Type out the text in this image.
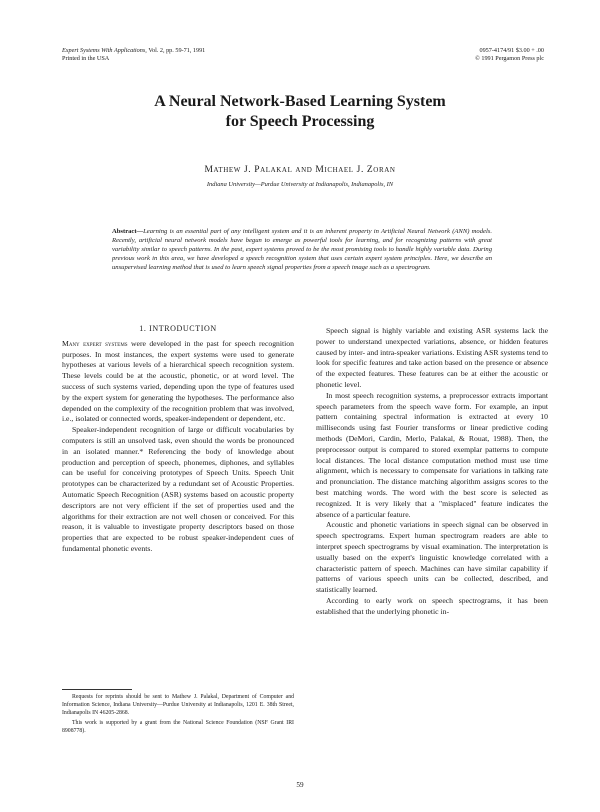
Expert Systems With Applications, Vol. 2, pp. 59-71, 1991
Printed in the USA
0957-4174/91 $3.00 + .00
© 1991 Pergamon Press plc
A Neural Network-Based Learning System
for Speech Processing
Mathew J. Palakal and Michael J. Zoran
Indiana University—Purdue University at Indianapolis, Indianapolis, IN
Abstract—Learning is an essential part of any intelligent system and it is an inherent property in Artificial Neural Network (ANN) models. Recently, artificial neural network models have begun to emerge as powerful tools for learning, and for recognizing patterns with great variability similar to speech patterns. In the past, expert systems proved to be the most promising tools to handle highly variable data. During previous work in this area, we have developed a speech recognition system that uses certain expert system principles. Here, we describe an unsupervised learning method that is used to learn speech signal properties from a speech image such as a spectrogram.
1. INTRODUCTION

Many expert systems were developed in the past for speech recognition purposes. In most instances, the expert systems were used to generate hypotheses at various levels of a hierarchical speech recognition system. These levels could be at the acoustic, phonetic, or at word level. The success of such systems varied, depending upon the type of features used by the expert system for generating the hypotheses. The performance also depended on the complexity of the recognition problem that was involved, i.e., isolated or connected words, speaker-independent or dependent, etc.

Speaker-independent recognition of large or difficult vocabularies by computers is still an unsolved task, even should the words be pronounced in an isolated manner.* Referencing the body of knowledge about production and perception of speech, phonemes, diphones, and syllables can be useful for conceiving prototypes of Speech Units. Speech Unit prototypes can be characterized by a redundant set of Acoustic Properties. Automatic Speech Recognition (ASR) systems based on acoustic property descriptors are not very efficient if the set of properties used and the algorithms for their extraction are not well chosen or conceived. For this reason, it is valuable to investigate property descriptors based on those properties that are expected to be robust speaker-independent cues of fundamental phonetic events.

Speech signal is highly variable and existing ASR systems lack the power to understand unexpected variations, absence, or hidden features caused by inter- and intra-speaker variations. Existing ASR systems tend to look for specific features and take action based on the presence or absence of the expected features. These features can be at either the acoustic or phonetic level.

In most speech recognition systems, a preprocessor extracts important speech parameters from the speech wave form. For example, an input pattern containing spectral information is extracted at every 10 milliseconds using fast Fourier transforms or linear predictive coding methods (DeMori, Cardin, Merlo, Palakal, & Rouat, 1988). Then, the preprocessor output is compared to stored exemplar patterns to compute local distances. The local distance computation method must use time alignment, which is necessary to compensate for variations in talking rate and pronunciation. The distance matching algorithm assigns scores to the best matching words. The word with the best score is selected as recognized. It is very likely that a "misplaced" feature indicates the absence of a particular feature.

Acoustic and phonetic variations in speech signal can be observed in speech spectrograms. Expert human spectrogram readers are able to interpret speech spectrograms by visual examination. The interpretation is usually based on the expert's linguistic knowledge correlated with a characteristic pattern of speech. Machines can have similar capability if patterns of various speech units can be collected, described, and statistically learned.

According to early work on speech spectrograms, it has been established that the underlying phonetic in-

Requests for reprints should be sent to Mathew J. Palakal, Department of Computer and Information Science, Indiana University—Purdue University at Indianapolis, 1201 E. 38th Street, Indianapolis IN 46205-2868.

This work is supported by a grant from the National Science Foundation (NSF Grant IRI 8908778).

59
